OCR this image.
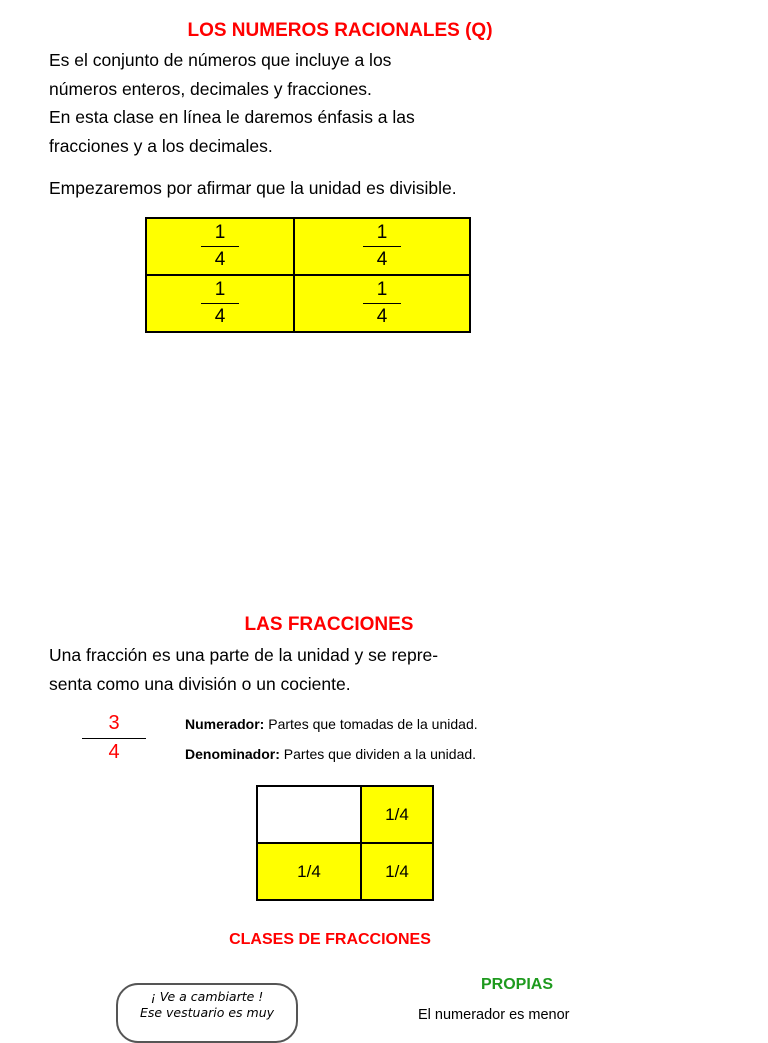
LOS NUMEROS RACIONALES (Q)
Es el conjunto de números que incluye a los
números enteros, decimales y fracciones.
En esta clase en línea le daremos énfasis a las
fracciones y a los decimales.
Empezaremos por afirmar que la unidad es divisible.
$\frac{1}{4}$	$\frac{1}{4}$

$\frac{1}{4}$	$\frac{1}{4}$
LAS FRACCIONES
Una fracción es una parte de la unidad y se repre-
senta como una división o un cociente.
3
4
Numerador: Partes que tomadas de la unidad.
Denominador: Partes que dividen a la unidad.
	1/4
1/4	1/4
CLASES DE FRACCIONES
¡ Ve a cambiarte !
Ese vestuario es muy
PROPIAS
El numerador es menor
